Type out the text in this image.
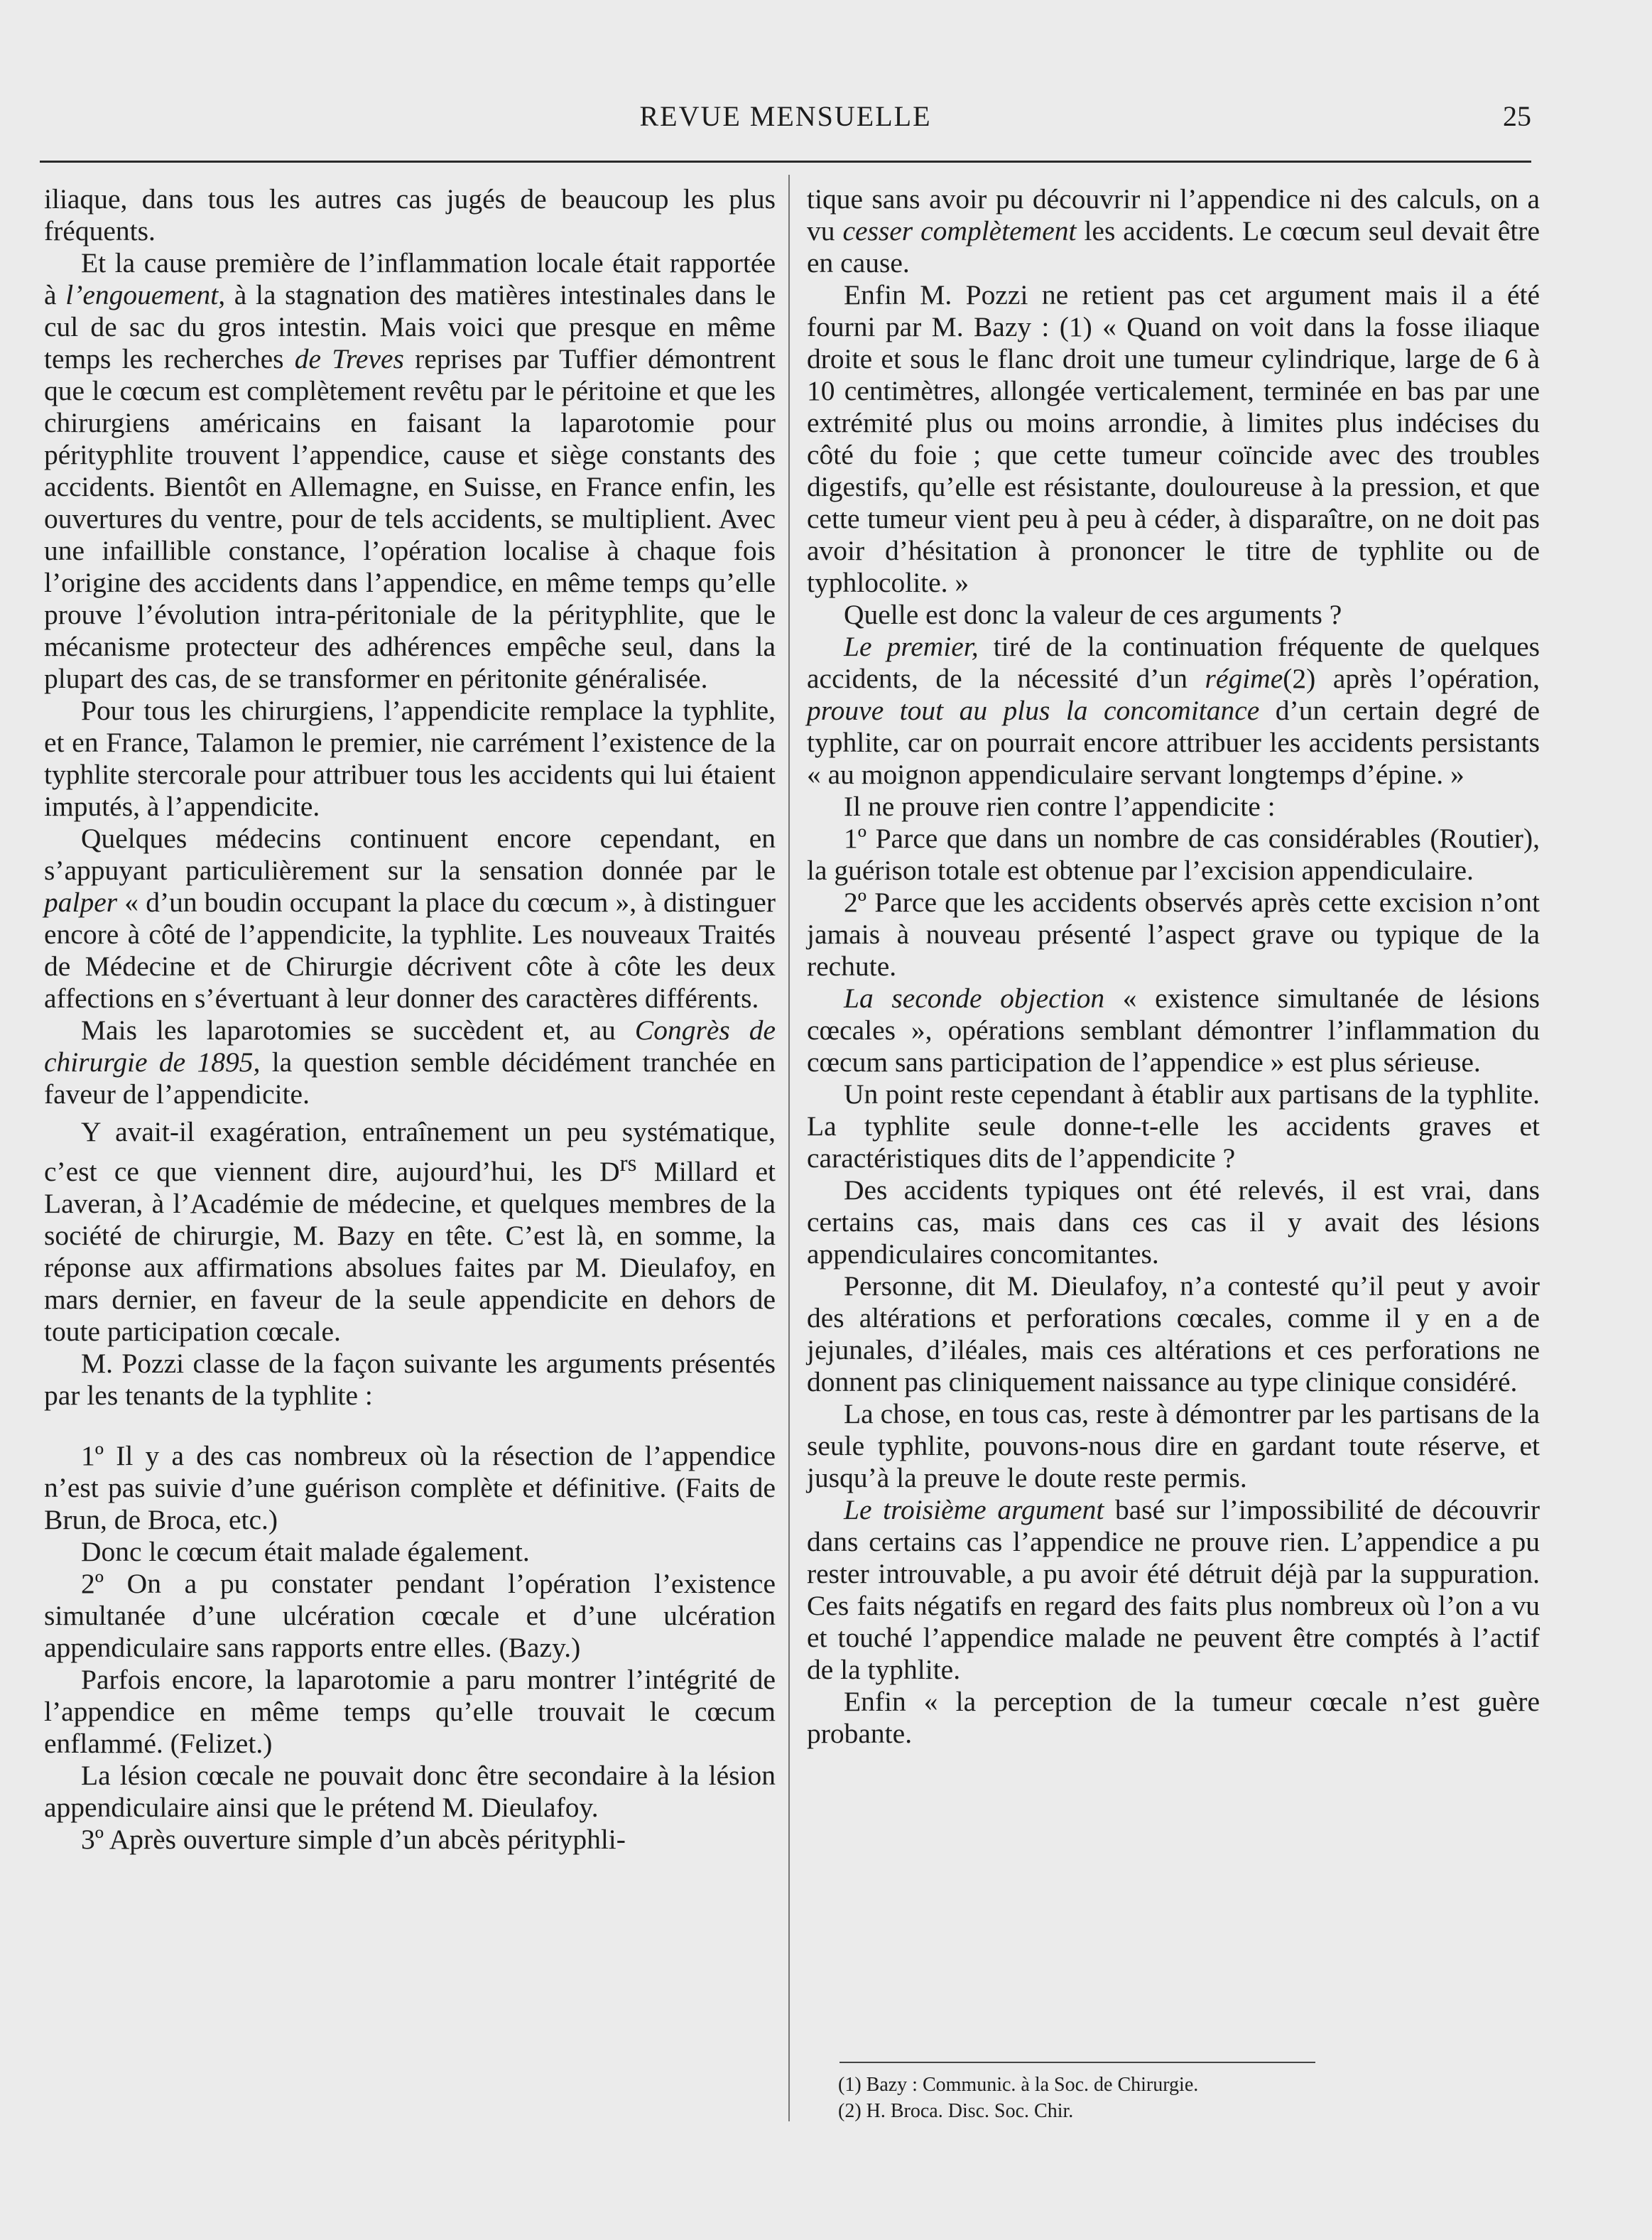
REVUE MENSUELLE	25

iliaque, dans tous les autres cas jugés de beaucoup les plus fréquents.

Et la cause première de l’inflammation locale était rapportée à l’engouement, à la stagnation des matières intestinales dans le cul de sac du gros intestin. Mais voici que presque en même temps les recherches de Treves reprises par Tuffier démontrent que le cœcum est complètement revêtu par le péritoine et que les chirurgiens américains en faisant la laparotomie pour pérityphlite trouvent l’appendice, cause et siège constants des accidents. Bientôt en Allemagne, en Suisse, en France enfin, les ouvertures du ventre, pour de tels accidents, se multiplient. Avec une infaillible constance, l’opération localise à chaque fois l’origine des accidents dans l’appendice, en même temps qu’elle prouve l’évolution intra-péritoniale de la pérityphlite, que le mécanisme protecteur des adhérences empêche seul, dans la plupart des cas, de se transformer en péritonite généralisée.

Pour tous les chirurgiens, l’appendicite remplace la typhlite, et en France, Talamon le premier, nie carrément l’existence de la typhlite stercorale pour attribuer tous les accidents qui lui étaient imputés, à l’appendicite.

Quelques médecins continuent encore cependant, en s’appuyant particulièrement sur la sensation donnée par le palper « d’un boudin occupant la place du cœcum », à distinguer encore à côté de l’appendicite, la typhlite. Les nouveaux Traités de Médecine et de Chirurgie décrivent côte à côte les deux affections en s’évertuant à leur donner des caractères différents.

Mais les laparotomies se succèdent et, au Congrès de chirurgie de 1895, la question semble décidément tranchée en faveur de l’appendicite.

Y avait-il exagération, entraînement un peu systématique, c’est ce que viennent dire, aujourd’hui, les $D^{rs}$ Millard et Laveran, à l’Académie de médecine, et quelques membres de la société de chirurgie, M. Bazy en tête. C’est là, en somme, la réponse aux affirmations absolues faites par M. Dieulafoy, en mars dernier, en faveur de la seule appendicite en dehors de toute participation cœcale.

M. Pozzi classe de la façon suivante les arguments présentés par les tenants de la typhlite :

1º Il y a des cas nombreux où la résection de l’appendice n’est pas suivie d’une guérison complète et définitive. (Faits de Brun, de Broca, etc.)

Donc le cœcum était malade également.

2º On a pu constater pendant l’opération l’existence simultanée d’une ulcération cœcale et d’une ulcération appendiculaire sans rapports entre elles. (Bazy.)

Parfois encore, la laparotomie a paru montrer l’intégrité de l’appendice en même temps qu’elle trouvait le cœcum enflammé. (Felizet.)

La lésion cœcale ne pouvait donc être secondaire à la lésion appendiculaire ainsi que le prétend M. Dieulafoy.

3º Après ouverture simple d’un abcès pérityphli-

tique sans avoir pu découvrir ni l’appendice ni des calculs, on a vu cesser complètement les accidents. Le cœcum seul devait être en cause.

Enfin M. Pozzi ne retient pas cet argument mais il a été fourni par M. Bazy : (1) « Quand on voit dans la fosse iliaque droite et sous le flanc droit une tumeur cylindrique, large de 6 à 10 centimètres, allongée verticalement, terminée en bas par une extrémité plus ou moins arrondie, à limites plus indécises du côté du foie ; que cette tumeur coïncide avec des troubles digestifs, qu’elle est résistante, douloureuse à la pression, et que cette tumeur vient peu à peu à céder, à disparaître, on ne doit pas avoir d’hésitation à prononcer le titre de typhlite ou de typhlocolite. »

Quelle est donc la valeur de ces arguments ?

Le premier, tiré de la continuation fréquente de quelques accidents, de la nécessité d’un régime(2) après l’opération, prouve tout au plus la concomitance d’un certain degré de typhlite, car on pourrait encore attribuer les accidents persistants « au moignon appendiculaire servant longtemps d’épine. »

Il ne prouve rien contre l’appendicite :

1º Parce que dans un nombre de cas considérables (Routier), la guérison totale est obtenue par l’excision appendiculaire.

2º Parce que les accidents observés après cette excision n’ont jamais à nouveau présenté l’aspect grave ou typique de la rechute.

La seconde objection « existence simultanée de lésions cœcales », opérations semblant démontrer l’inflammation du cœcum sans participation de l’appendice » est plus sérieuse.

Un point reste cependant à établir aux partisans de la typhlite. La typhlite seule donne-t-elle les accidents graves et caractéristiques dits de l’appendicite ?

Des accidents typiques ont été relevés, il est vrai, dans certains cas, mais dans ces cas il y avait des lésions appendiculaires concomitantes.

Personne, dit M. Dieulafoy, n’a contesté qu’il peut y avoir des altérations et perforations cœcales, comme il y en a de jejunales, d’iléales, mais ces altérations et ces perforations ne donnent pas cliniquement naissance au type clinique considéré.

La chose, en tous cas, reste à démontrer par les partisans de la seule typhlite, pouvons-nous dire en gardant toute réserve, et jusqu’à la preuve le doute reste permis.

Le troisième argument basé sur l’impossibilité de découvrir dans certains cas l’appendice ne prouve rien. L’appendice a pu rester introuvable, a pu avoir été détruit déjà par la suppuration. Ces faits négatifs en regard des faits plus nombreux où l’on a vu et touché l’appendice malade ne peuvent être comptés à l’actif de la typhlite.

Enfin « la perception de la tumeur cœcale n’est guère probante.

(1) Bazy : Communic. à la Soc. de Chirurgie.
(2) H. Broca. Disc. Soc. Chir.
